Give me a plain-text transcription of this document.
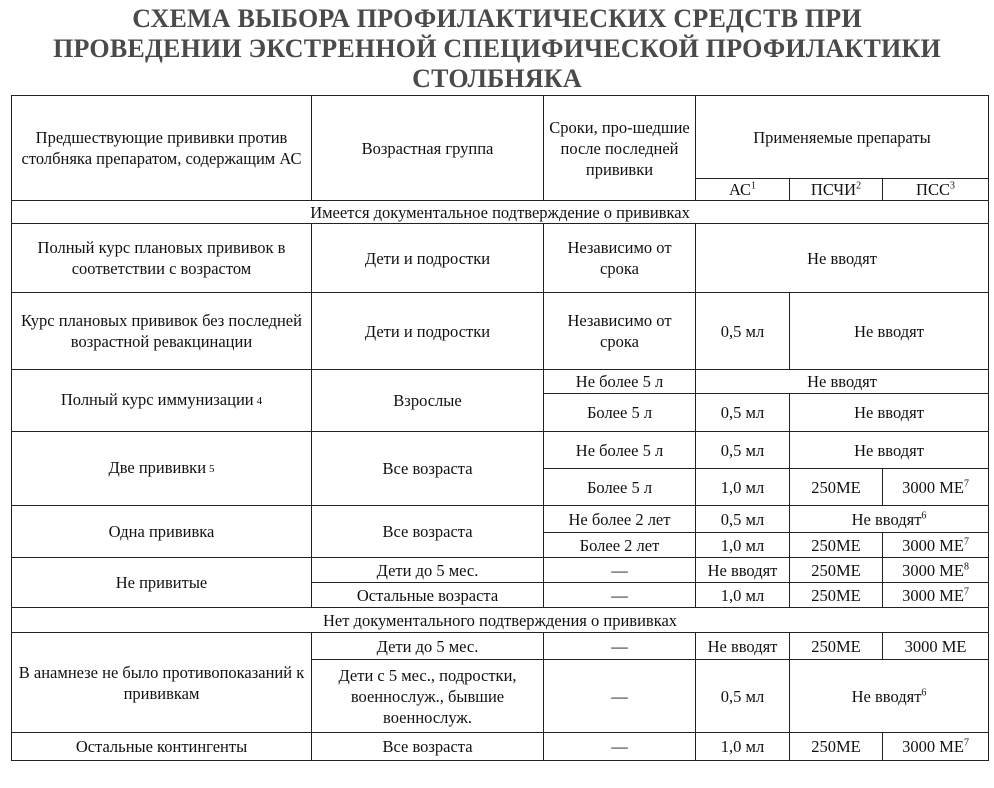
СХЕМА ВЫБОРА ПРОФИЛАКТИЧЕСКИХ СРЕДСТВ ПРИ
ПРОВЕДЕНИИ ЭКСТРЕННОЙ СПЕЦИФИЧЕСКОЙ ПРОФИЛАКТИКИ
СТОЛБНЯКА
Предшествующие прививки против столбняка препаратом, содержащим АС	Возрастная группа	Сроки, про-шедшие после последней прививки	Применяемые препараты		
			$АС^1$	ПСЧИ$^2$	ПСС$^3$
Имеется документальное подтверждение о прививках					
Полный курс плановых прививок в соответствии с возрастом	Дети и подростки	Независимо от срока	Не вводят		
Курс плановых прививок без последней возрастной ревакцинации	Дети и подростки	Независимо от срока	0,5 мл	Не вводят	
Полный курс иммунизации 4	Взрослые	Не более 5 л	Не вводят		
		Более 5 л	0,5 мл	Не вводят	
Две прививки 5	Все возраста	Не более 5 л	0,5 мл	Не вводят	
		Более 5 л	1,0 мл	250МЕ	3000 $МЕ^7$
Одна прививка	Все возраста	Не более 2 лет	0,5 мл	Не вводят$^6$
		Более 2 лет	1,0 мл	250МЕ	3000 $МЕ^7$
Не привитые	Дети до 5 мес.	—	Не вводят	250МЕ	3000 $МЕ^8$
	Остальные возраста	—	1,0 мл	250МЕ	3000 $МЕ^7$
Нет документального подтверждения о прививках					
В анамнезе не было противопоказаний к прививкам	Дети до 5 мес.	—	Не вводят	250МЕ	3000 МЕ
	Дети с 5 мес., подростки, военнослуж., бывшие военнослуж.	—	0,5 мл	Не вводят$^6$
Остальные контингенты	Все возраста	—	1,0 мл	250МЕ	3000 $МЕ^7$
